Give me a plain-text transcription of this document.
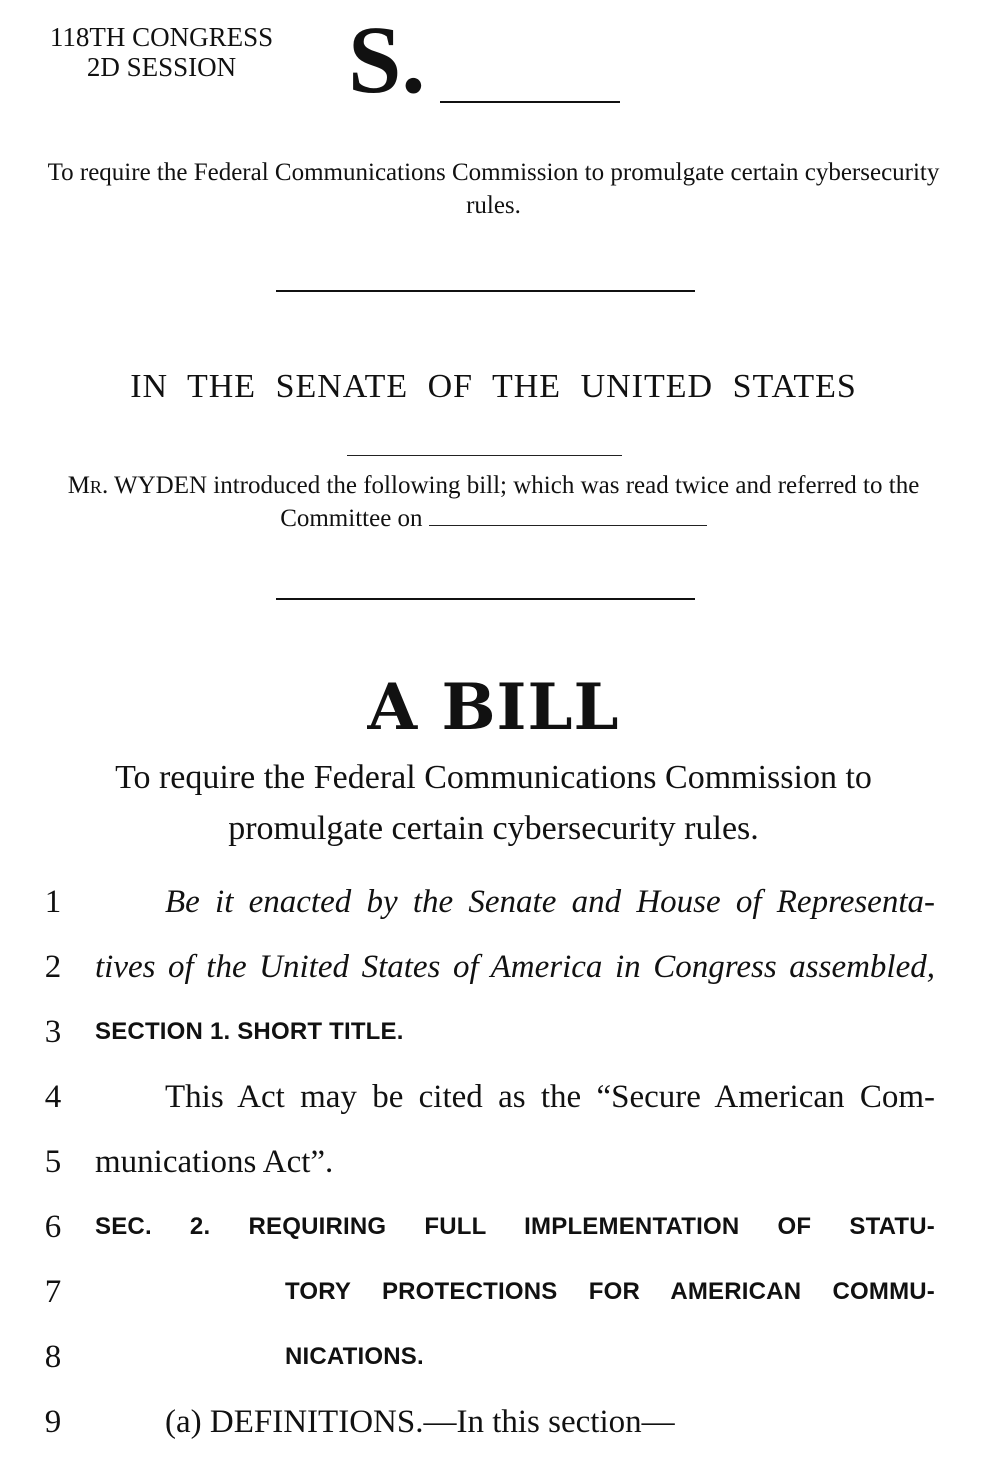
118TH CONGRESS
2D SESSION	S.
To require the Federal Communications Commission to promulgate certain cybersecurity rules.
IN THE SENATE OF THE UNITED STATES
Mr. WYDEN introduced the following bill; which was read twice and referred to the Committee on
A BILL
To require the Federal Communications Commission to promulgate certain cybersecurity rules.
1	Be it enacted by the Senate and House of Representa-
2	tives of the United States of America in Congress assembled,
3	SECTION 1. SHORT TITLE.
4	This Act may be cited as the “Secure American Com-
5	munications Act”.
6	SEC. 2. REQUIRING FULL IMPLEMENTATION OF STATU-
7	TORY PROTECTIONS FOR AMERICAN COMMU-
8	NICATIONS.
9	(a) DEFINITIONS.—In this section—
